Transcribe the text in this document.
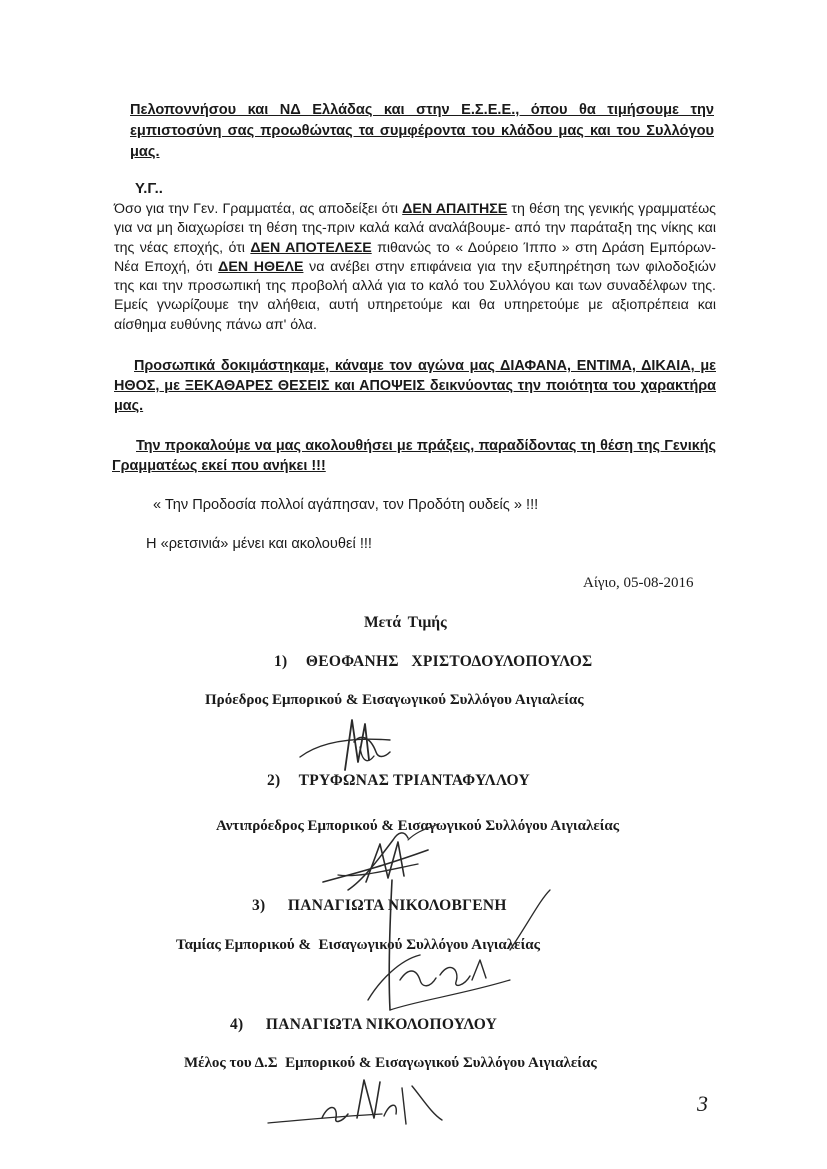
Πελοποννήσου και ΝΔ Ελλάδας και στην Ε.Σ.Ε.Ε., όπου θα τιμήσουμε την εμπιστοσύνη σας προωθώντας τα συμφέροντα του κλάδου μας και του Συλλόγου μας.
Υ.Γ..
Όσο για την Γεν. Γραμματέα, ας αποδείξει ότι ΔΕΝ ΑΠΑΙΤΗΣΕ τη θέση της γενικής γραμματέως για να μη διαχωρίσει τη θέση της-πριν καλά καλά αναλάβουμε- από την παράταξη της νίκης και της νέας εποχής, ότι ΔΕΝ ΑΠΟΤΕΛΕΣΕ πιθανώς το « Δούρειο Ίππο » στη Δράση Εμπόρων-Νέα Εποχή, ότι ΔΕΝ ΗΘΕΛΕ να ανέβει στην επιφάνεια για την εξυπηρέτηση των φιλοδοξιών της και την προσωπική της προβολή αλλά για το καλό του Συλλόγου και των συναδέλφων της. Εμείς γνωρίζουμε την αλήθεια, αυτή υπηρετούμε και θα υπηρετούμε με αξιοπρέπεια και αίσθημα ευθύνης πάνω απ' όλα.
Προσωπικά δοκιμάστηκαμε, κάναμε τον αγώνα μας ΔΙΑΦΑΝΑ, ΕΝΤΙΜΑ, ΔΙΚΑΙΑ, με ΗΘΟΣ, με ΞΕΚΑΘΑΡΕΣ ΘΕΣΕΙΣ και ΑΠΟΨΕΙΣ δεικνύοντας την ποιότητα του χαρακτήρα μας.
Την προκαλούμε να μας ακολουθήσει με πράξεις, παραδίδοντας τη θέση της Γενικής Γραμματέως εκεί που ανήκει !!!
« Την Προδοσία πολλοί αγάπησαν, τον Προδότη ουδείς » !!!
Η «ρετσινιά» μένει και ακολουθεί !!!
Αίγιο, 05-08-2016
Μετά Τιμής
1) ΘΕΟΦΑΝΗΣ   ΧΡΙΣΤΟΔΟΥΛΟΠΟΥΛΟΣ
Πρόεδρος Εμπορικού & Εισαγωγικού Συλλόγου Αιγιαλείας
2) ΤΡΥΦΩΝΑΣ ΤΡΙΑΝΤΑΦΥΛΛΟΥ
Αντιπρόεδρος Εμπορικού & Εισαγωγικού Συλλόγου Αιγιαλείας
3) ΠΑΝΑΓΙΩΤΑ ΝΙΚΟΛΟΒΓΕΝΗ
Ταμίας Εμπορικού &  Εισαγωγικού Συλλόγου Αιγιαλείας
4) ΠΑΝΑΓΙΩΤΑ ΝΙΚΟΛΟΠΟΥΛΟΥ
Μέλος του Δ.Σ  Εμπορικού & Εισαγωγικού Συλλόγου Αιγιαλείας
3
